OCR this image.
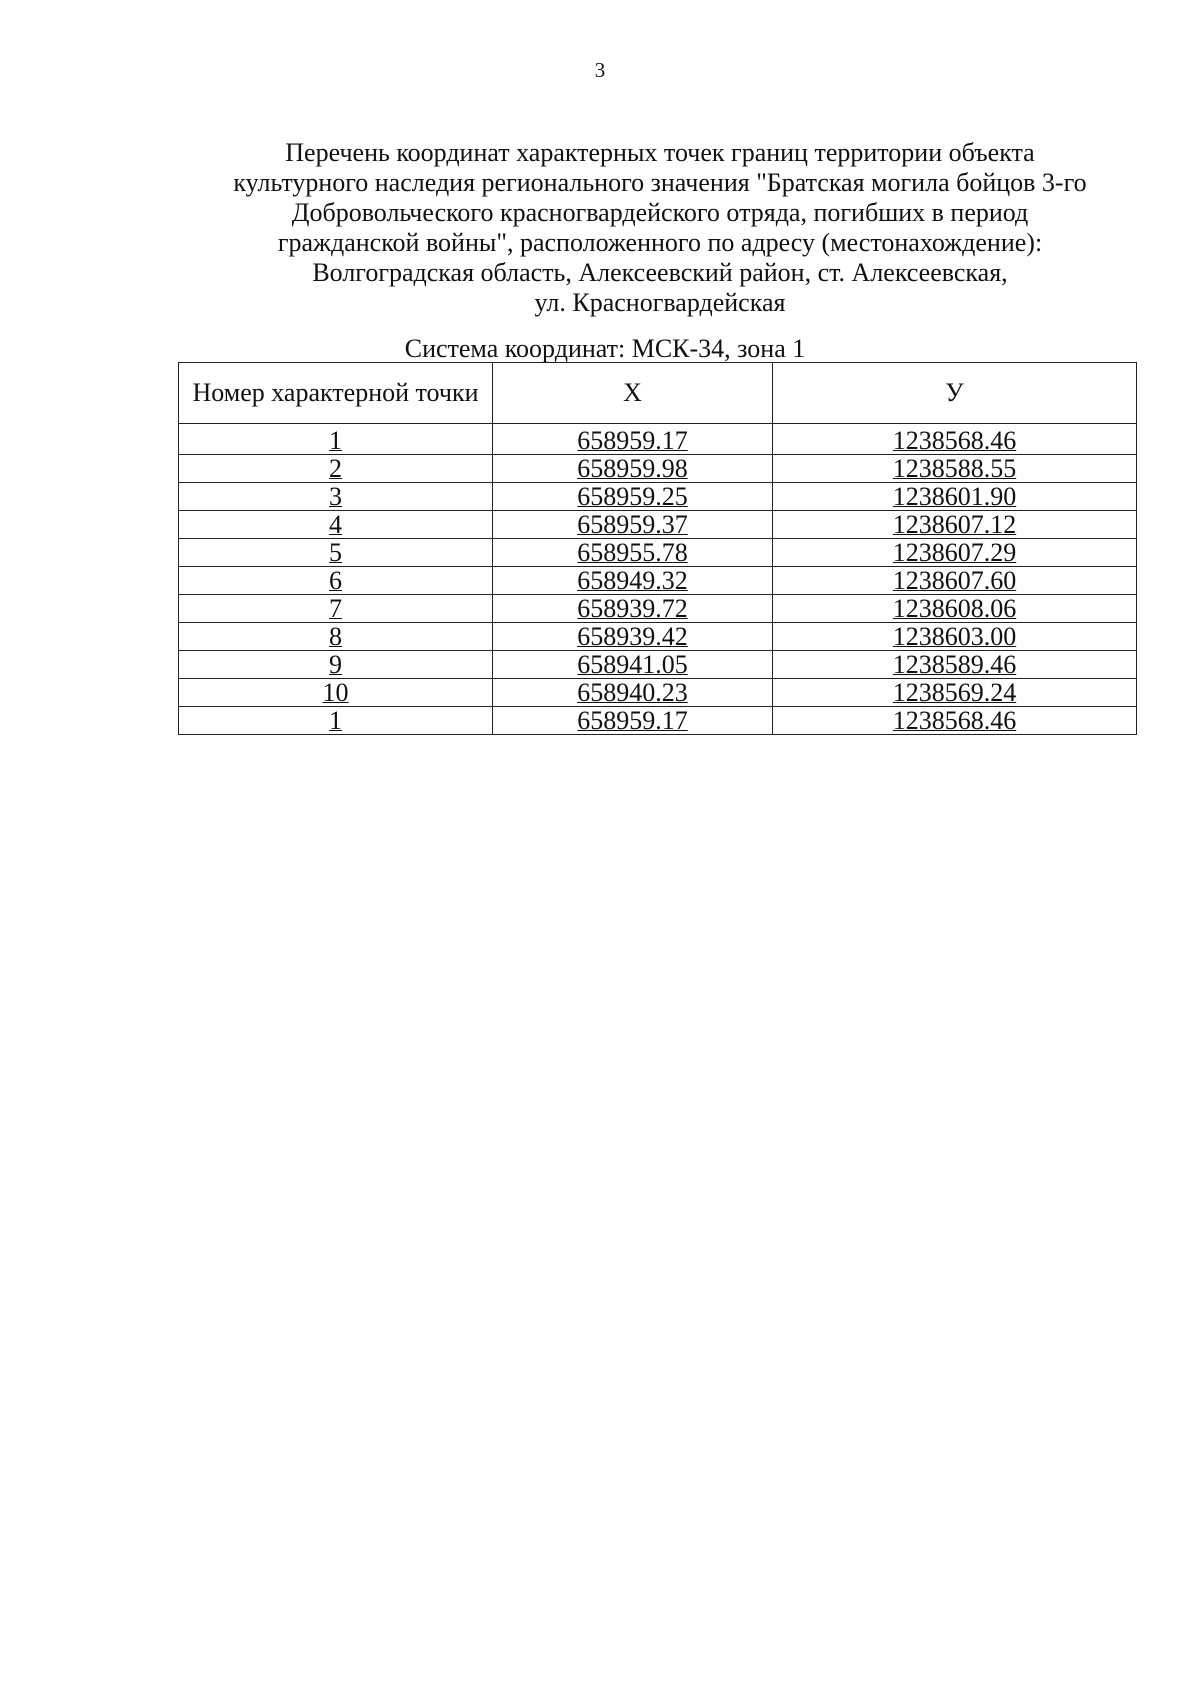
3
Перечень координат характерных точек границ территории объекта
культурного наследия регионального значения "Братская могила бойцов 3-го
Добровольческого красногвардейского отряда, погибших в период
гражданской войны", расположенного по адресу (местонахождение):
Волгоградская область, Алексеевский район, ст. Алексеевская,
ул. Красногвардейская
Система координат: МСК-34, зона 1
Номер характерной точки	Х	У
1	658959.17	1238568.46
2	658959.98	1238588.55
3	658959.25	1238601.90
4	658959.37	1238607.12
5	658955.78	1238607.29
6	658949.32	1238607.60
7	658939.72	1238608.06
8	658939.42	1238603.00
9	658941.05	1238589.46
10	658940.23	1238569.24
1	658959.17	1238568.46
